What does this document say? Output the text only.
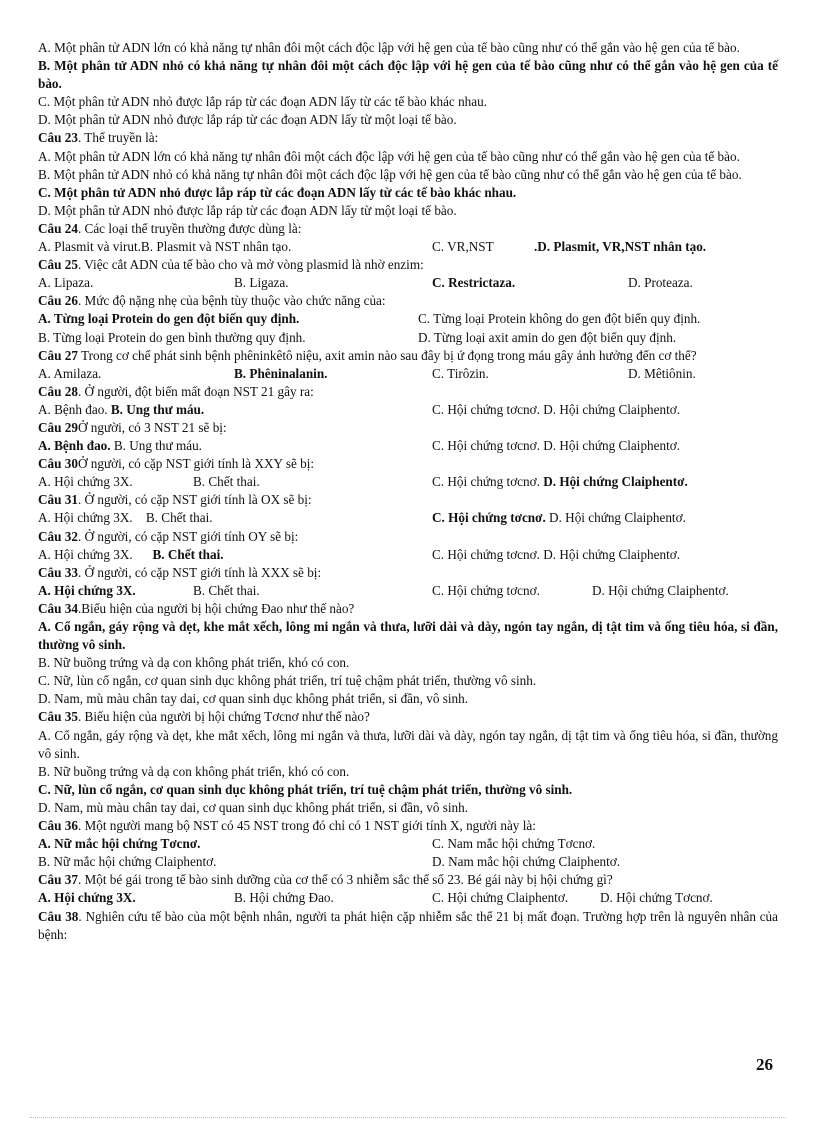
A. Một phân tử ADN lớn có khả năng tự nhân đôi một cách độc lập với hệ gen của tế bào cũng như có thể gắn vào hệ gen của tế bào.
B. Một phân tử ADN nhỏ có khả năng tự nhân đôi một cách độc lập với hệ gen của tế bào cũng như có thể gắn vào hệ gen của tế bào.
C. Một phân tử ADN nhỏ được lắp ráp từ các đoạn ADN lấy từ các tế bào khác nhau.
D. Một phân tử ADN nhỏ được lắp ráp từ các đoạn ADN lấy từ một loại tế bào.
Câu 23. Thể truyền là:
A. Một phân tử ADN lớn có khả năng tự nhân đôi một cách độc lập với hệ gen của tế bào cũng như có thể gắn vào hệ gen của tế bào.
B. Một phân tử ADN nhỏ có khả năng tự nhân đôi một cách độc lập với hệ gen của tế bào cũng như có thể gắn vào hệ gen của tế bào.
C. Một phân tử ADN nhỏ được lắp ráp từ các đoạn ADN lấy từ các tế bào khác nhau.
D. Một phân tử ADN nhỏ được lắp ráp từ các đoạn ADN lấy từ một loại tế bào.
Câu 24. Các loại thể truyền thường được dùng là:
A. Plasmit và virut.B. Plasmit và NST nhân tạo.	C. VR,NST	.D. Plasmit, VR,NST nhân tạo.
Câu 25. Việc cắt ADN của tế bào cho và mở vòng plasmid là nhờ enzim:
A. Lipaza.	B. Ligaza.	C. Restrictaza.	D. Proteaza.
Câu 26. Mức độ nặng nhẹ của bệnh tùy thuộc vào chức năng của:
A. Từng loại Protein do gen đột biến quy định.	C. Từng loại Protein không do gen đột biến quy định.
B. Từng loại Protein do gen bình thường quy định.	D. Từng loại axit amin do gen đột biến quy định.
Câu 27 Trong cơ chế phát sinh bệnh phêninkêtô niệu, axit amin nào sau đây bị ứ đọng trong máu gây ảnh hưởng đến cơ thể?
A. Amilaza.	B. Phêninalanin.	C. Tirôzin.	D. Mêtiônin.
Câu 28. Ở người, đột biến mất đoạn NST 21 gây ra:
A. Bệnh đao. B. Ung thư máu.	C. Hội chứng tơcnơ. D. Hội chứng Claiphentơ.
Câu 29Ở người, có 3 NST 21 sẽ bị:
A. Bệnh đao. B. Ung thư máu.	C. Hội chứng tơcnơ. D. Hội chứng Claiphentơ.
Câu 30Ở người, có cặp NST giới tính là XXY sẽ bị:
A. Hội chứng 3X.	B. Chết thai.	C. Hội chứng tơcnơ. D. Hội chứng Claiphentơ.
Câu 31. Ở người, có cặp NST giới tính là OX sẽ bị:
A. Hội chứng 3X. B. Chết thai.	C. Hội chứng tơcnơ. D. Hội chứng Claiphentơ.
Câu 32. Ở người, có cặp NST giới tính OY sẽ bị:
A. Hội chứng 3X. B. Chết thai.	C. Hội chứng tơcnơ. D. Hội chứng Claiphentơ.
Câu 33. Ở người, có cặp NST giới tính là XXX sẽ bị:
A. Hội chứng 3X.	B. Chết thai.	C. Hội chứng tơcnơ.	D. Hội chứng Claiphentơ.
Câu 34.Biểu hiện của người bị hội chứng Đao như thế nào?
A. Cổ ngắn, gáy rộng và dẹt, khe mắt xếch, lông mi ngắn và thưa, lưỡi dài và dày, ngón tay ngắn, dị tật tim và ống tiêu hóa, si đần, thường vô sinh.
B. Nữ buồng trứng và dạ con không phát triển, khó có con.
C. Nữ, lùn cổ ngắn, cơ quan sinh dục không phát triển, trí tuệ chậm phát triển, thường vô sinh.
D. Nam, mù màu chân tay dai, cơ quan sinh dục không phát triển, si đần, vô sinh.
Câu 35. Biểu hiện của người bị hội chứng Tơcnơ như thế nào?
A. Cổ ngắn, gáy rộng và dẹt, khe mắt xếch, lông mi ngắn và thưa, lưỡi dài và dày, ngón tay ngắn, dị tật tim và ống tiêu hóa, si đần, thường vô sinh.
B. Nữ buồng trứng và dạ con không phát triển, khó có con.
C. Nữ, lùn cổ ngắn, cơ quan sinh dục không phát triển, trí tuệ chậm phát triển, thường vô sinh.
D. Nam, mù màu chân tay dai, cơ quan sinh dục không phát triển, si đần, vô sinh.
Câu 36. Một người mang bộ NST có 45 NST trong đó chỉ có 1 NST giới tính X, người này là:
A. Nữ mắc hội chứng Tơcnơ.	C. Nam mắc hội chứng Tơcnơ.
B. Nữ mắc hội chứng Claiphentơ.	D. Nam mắc hội chứng Claiphentơ.
Câu 37. Một bé gái trong tế bào sinh dưỡng của cơ thể có 3 nhiễm sắc thể số 23. Bé gái này bị hội chứng gì?
A. Hội chứng 3X.	B. Hội chứng Đao.	C. Hội chứng Claiphentơ.	D. Hội chứng Tơcnơ.
Câu 38. Nghiên cứu tế bào của một bệnh nhân, người ta phát hiện cặp nhiễm sắc thể 21 bị mất đoạn. Trường hợp trên là nguyên nhân của bệnh:
26
